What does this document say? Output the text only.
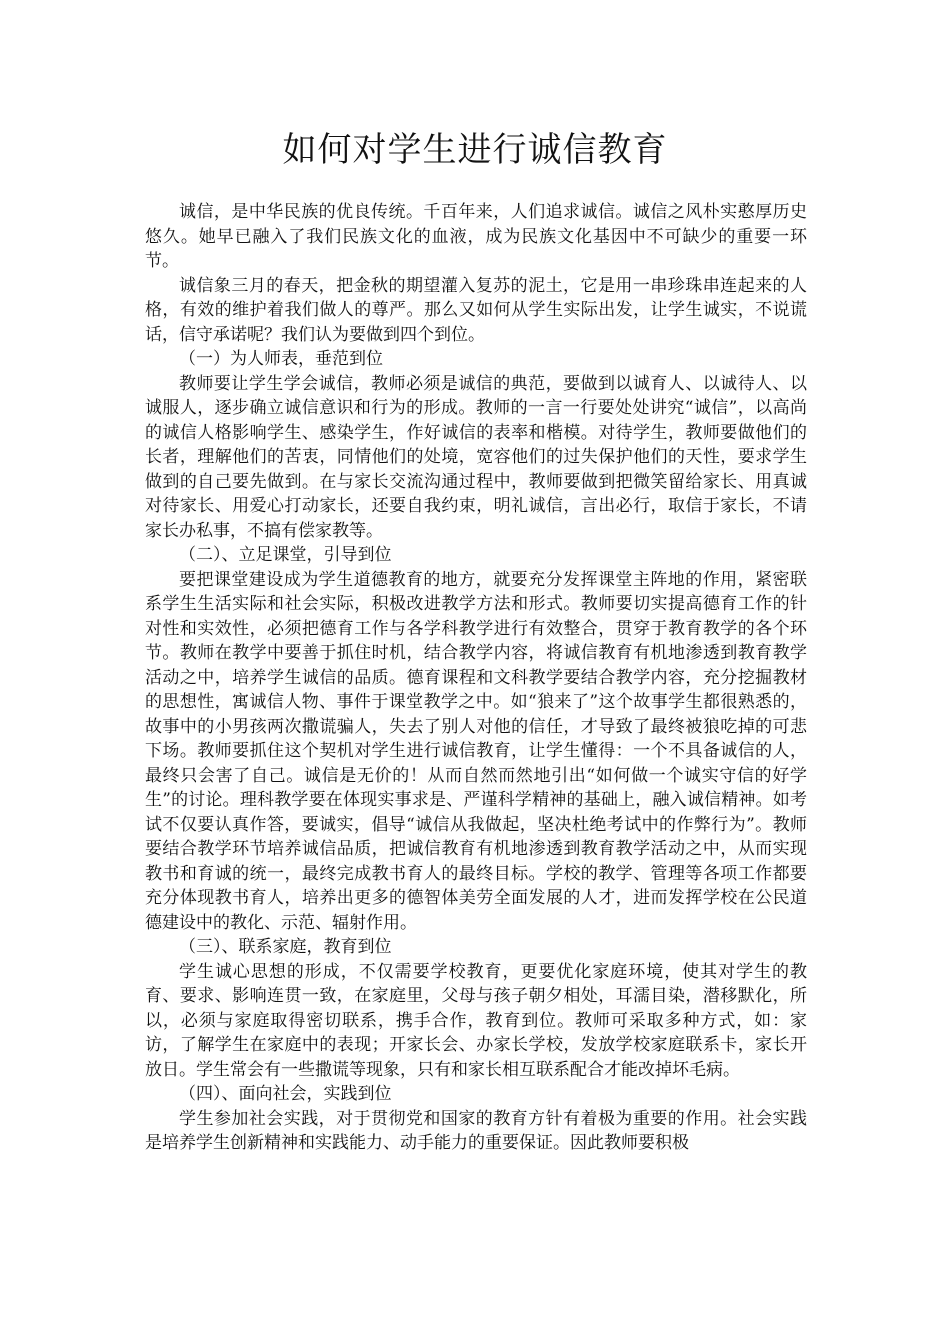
如何对学生进行诚信教育

诚信，是中华民族的优良传统。千百年来，人们追求诚信。诚信之风朴实憨厚历史悠久。她早已融入了我们民族文化的血液，成为民族文化基因中不可缺少的重要一环节。

诚信象三月的春天，把金秋的期望灌入复苏的泥土，它是用一串珍珠串连起来的人格，有效的维护着我们做人的尊严。那么又如何从学生实际出发，让学生诚实，不说谎话，信守承诺呢？我们认为要做到四个到位。

（一）为人师表，垂范到位

教师要让学生学会诚信，教师必须是诚信的典范，要做到以诚育人、以诚待人、以诚服人，逐步确立诚信意识和行为的形成。教师的一言一行要处处讲究“诚信”，以高尚的诚信人格影响学生、感染学生，作好诚信的表率和楷模。对待学生，教师要做他们的长者，理解他们的苦衷，同情他们的处境，宽容他们的过失保护他们的天性，要求学生做到的自己要先做到。在与家长交流沟通过程中，教师要做到把微笑留给家长、用真诚对待家长、用爱心打动家长，还要自我约束，明礼诚信，言出必行，取信于家长，不请家长办私事，不搞有偿家教等。

（二）、立足课堂，引导到位

要把课堂建设成为学生道德教育的地方，就要充分发挥课堂主阵地的作用，紧密联系学生生活实际和社会实际，积极改进教学方法和形式。教师要切实提高德育工作的针对性和实效性，必须把德育工作与各学科教学进行有效整合，贯穿于教育教学的各个环节。教师在教学中要善于抓住时机，结合教学内容，将诚信教育有机地渗透到教育教学活动之中，培养学生诚信的品质。德育课程和文科教学要结合教学内容，充分挖掘教材的思想性，寓诚信人物、事件于课堂教学之中。如“狼来了”这个故事学生都很熟悉的，故事中的小男孩两次撒谎骗人，失去了别人对他的信任，才导致了最终被狼吃掉的可悲下场。教师要抓住这个契机对学生进行诚信教育，让学生懂得：一个不具备诚信的人，最终只会害了自己。诚信是无价的！从而自然而然地引出“如何做一个诚实守信的好学生”的讨论。理科教学要在体现实事求是、严谨科学精神的基础上，融入诚信精神。如考试不仅要认真作答，要诚实，倡导“诚信从我做起，坚决杜绝考试中的作弊行为”。教师要结合教学环节培养诚信品质，把诚信教育有机地渗透到教育教学活动之中，从而实现教书和育诚的统一，最终完成教书育人的最终目标。学校的教学、管理等各项工作都要充分体现教书育人，培养出更多的德智体美劳全面发展的人才，进而发挥学校在公民道德建设中的教化、示范、辐射作用。

（三）、联系家庭，教育到位

学生诚心思想的形成，不仅需要学校教育，更要优化家庭环境，使其对学生的教育、要求、影响连贯一致，在家庭里，父母与孩子朝夕相处，耳濡目染，潜移默化，所以，必须与家庭取得密切联系，携手合作，教育到位。教师可采取多种方式，如：家访，了解学生在家庭中的表现；开家长会、办家长学校，发放学校家庭联系卡，家长开放日。学生常会有一些撒谎等现象，只有和家长相互联系配合才能改掉坏毛病。

（四）、面向社会，实践到位

学生参加社会实践，对于贯彻党和国家的教育方针有着极为重要的作用。社会实践是培养学生创新精神和实践能力、动手能力的重要保证。因此教师要积极
